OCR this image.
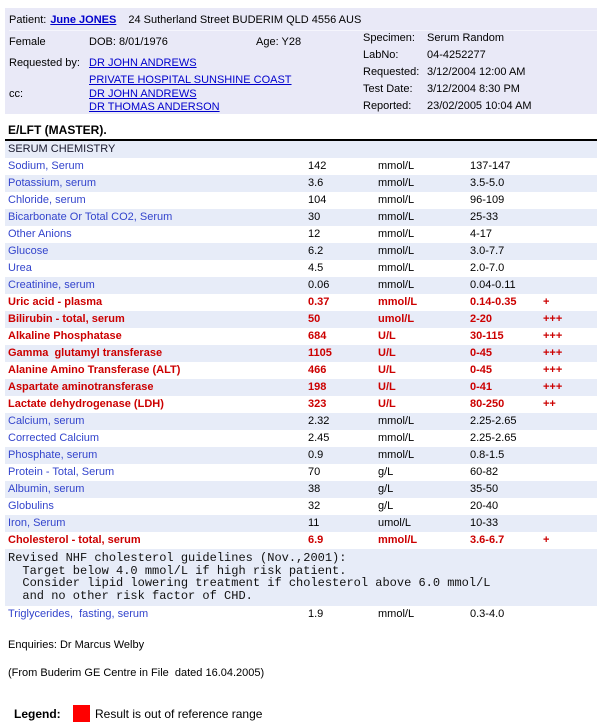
Patient: June JONES 24 Sutherland Street BUDERIM QLD 4556 AUS
Female	DOB: 8/01/1976	Age: Y28
Requested by: DR JOHN ANDREWS
cc:
PRIVATE HOSPITAL SUNSHINE COAST
DR JOHN ANDREWS
DR THOMAS ANDERSON
Specimen:	Serum Random
LabNo:	04-4252277
Requested: 3/12/2004 12:00 AM
Test Date:	3/12/2004 8:30 PM
Reported:	23/02/2005 10:04 AM
E/LFT (MASTER).
SERUM CHEMISTRY
Sodium, Serum	142	mmol/L	137-147
Potassium, serum	3.6	mmol/L	3.5-5.0
Chloride, serum	104	mmol/L	96-109
Bicarbonate Or Total CO2, Serum	30	mmol/L	25-33
Other Anions	12	mmol/L	4-17
Glucose	6.2	mmol/L	3.0-7.7
Urea	4.5	mmol/L	2.0-7.0
Creatinine, serum	0.06	mmol/L	0.04-0.11
Uric acid - plasma	0.37	mmol/L	0.14-0.35	+
Bilirubin - total, serum	50	umol/L	2-20	+++
Alkaline Phosphatase	684	U/L	30-115	+++
Gamma  glutamyl transferase	1105	U/L	0-45	+++
Alanine Amino Transferase (ALT)	466	U/L	0-45	+++
Aspartate aminotransferase	198	U/L	0-41	+++
Lactate dehydrogenase (LDH)	323	U/L	80-250	++
Calcium, serum	2.32	mmol/L	2.25-2.65
Corrected Calcium	2.45	mmol/L	2.25-2.65
Phosphate, serum	0.9	mmol/L	0.8-1.5
Protein - Total, Serum	70	g/L	60-82
Albumin, serum	38	g/L	35-50
Globulins	32	g/L	20-40
Iron, Serum	11	umol/L	10-33
Cholesterol - total, serum	6.9	mmol/L	3.6-6.7	+
Revised NHF cholesterol guidelines (Nov.,2001):
Target below 4.0 mmol/L if high risk patient.
Consider lipid lowering treatment if cholesterol above 6.0 mmol/L
and no other risk factor of CHD.
Triglycerides,  fasting, serum	1.9	mmol/L	0.3-4.0
Enquiries: Dr Marcus Welby
(From Buderim GE Centre in File  dated 16.04.2005)
Legend:	Result is out of reference range
